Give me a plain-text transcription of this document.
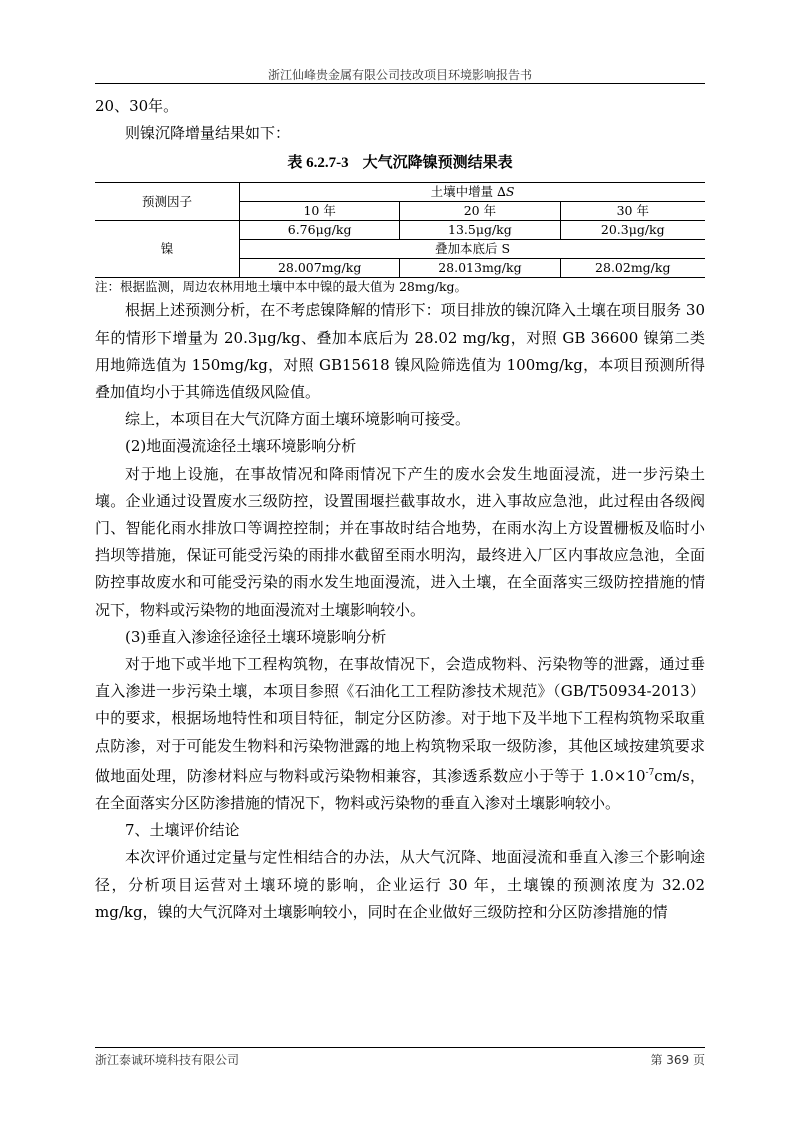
浙江仙峰贵金属有限公司技改项目环境影响报告书

20、30年。

则镍沉降增量结果如下：

表 6.2.7-3 大气沉降镍预测结果表
预测因子	土壤中增量 ∆S		
	10 年	20 年	30 年
镍	6.76μg/kg	13.5μg/kg	20.3μg/kg
	叠加本底后 S		
	28.007mg/kg	28.013mg/kg	28.02mg/kg

注：根据监测，周边农林用地土壤中本中镍的最大值为 28mg/kg。

根据上述预测分析，在不考虑镍降解的情形下：项目排放的镍沉降入土壤在项目服务 30 年的情形下增量为 20.3μg/kg、叠加本底后为 28.02 mg/kg，对照 GB 36600 镍第二类用地筛选值为 150mg/kg，对照 GB15618 镍风险筛选值为 100mg/kg，本项目预测所得叠加值均小于其筛选值级风险值。

综上，本项目在大气沉降方面土壤环境影响可接受。

(2)地面漫流途径土壤环境影响分析

对于地上设施，在事故情况和降雨情况下产生的废水会发生地面浸流，进一步污染土壤。企业通过设置废水三级防控，设置围堰拦截事故水，进入事故应急池，此过程由各级阀门、智能化雨水排放口等调控控制；并在事故时结合地势，在雨水沟上方设置栅板及临时小挡坝等措施，保证可能受污染的雨排水截留至雨水明沟，最终进入厂区内事故应急池，全面防控事故废水和可能受污染的雨水发生地面漫流，进入土壤，在全面落实三级防控措施的情况下，物料或污染物的地面漫流对土壤影响较小。

(3)垂直入渗途径途径土壤环境影响分析

对于地下或半地下工程构筑物，在事故情况下，会造成物料、污染物等的泄露，通过垂直入渗进一步污染土壤，本项目参照《石油化工工程防渗技术规范》（GB/T50934-2013）中的要求，根据场地特性和项目特征，制定分区防渗。对于地下及半地下工程构筑物采取重点防渗，对于可能发生物料和污染物泄露的地上构筑物采取一级防渗，其他区域按建筑要求做地面处理，防渗材料应与物料或污染物相兼容，其渗透系数应小于等于 $1.0\times 10^{-7}cm/s$，在全面落实分区防渗措施的情况下，物料或污染物的垂直入渗对土壤影响较小。

7、土壤评价结论

本次评价通过定量与定性相结合的办法，从大气沉降、地面浸流和垂直入渗三个影响途径，分析项目运营对土壤环境的影响，企业运行 30 年，土壤镍的预测浓度为 32.02 mg/kg，镍的大气沉降对土壤影响较小，同时在企业做好三级防控和分区防渗措施的情

浙江泰诚环境科技有限公司	第 369 页
